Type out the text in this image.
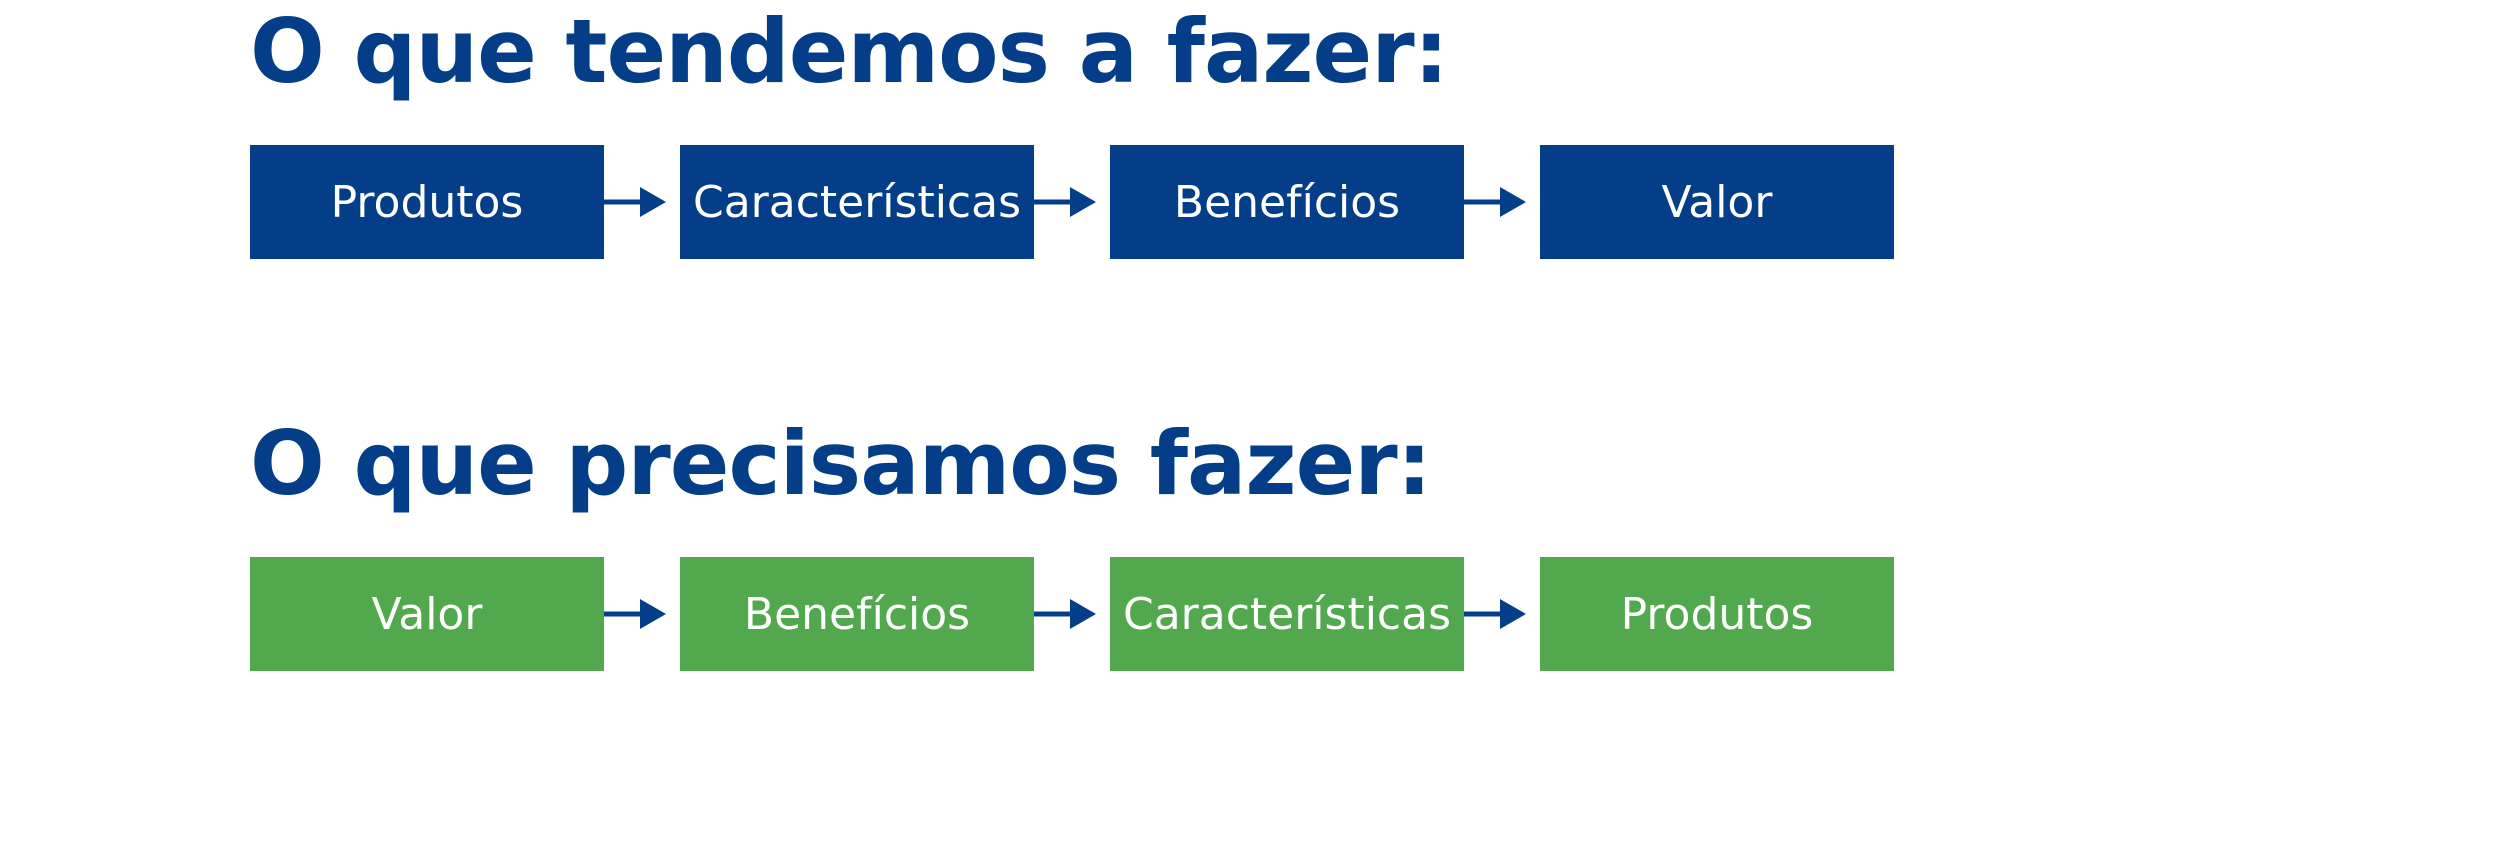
O que tendemos a fazer:
Produtos	Características	Benefícios	Valor
O que precisamos fazer:
Valor	Benefícios	Características	Produtos
